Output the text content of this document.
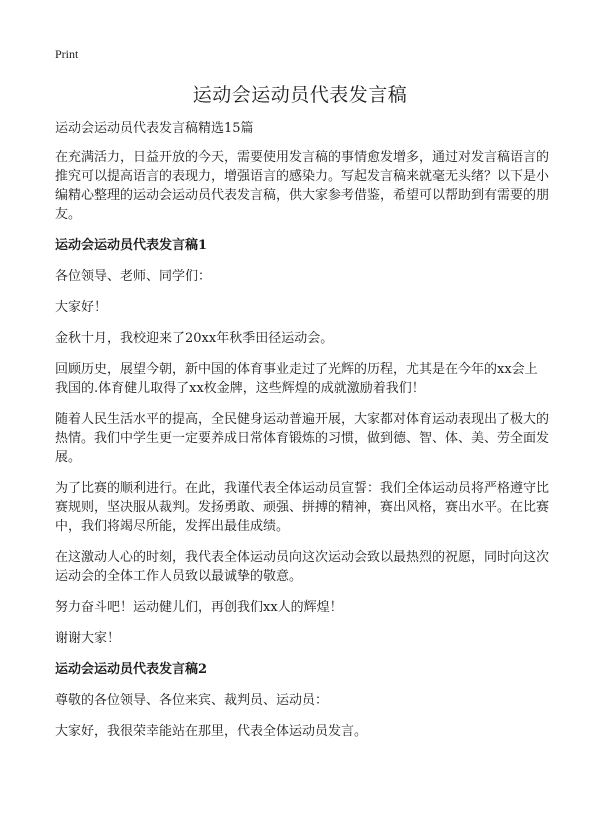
Print
运动会运动员代表发言稿

运动会运动员代表发言稿精选15篇

在充满活力，日益开放的今天，需要使用发言稿的事情愈发增多，通过对发言稿语言的推究可以提高语言的表现力，增强语言的感染力。写起发言稿来就毫无头绪？以下是小编精心整理的运动会运动员代表发言稿，供大家参考借鉴，希望可以帮助到有需要的朋友。

运动会运动员代表发言稿1

各位领导、老师、同学们：

大家好！

金秋十月，我校迎来了20xx年秋季田径运动会。

回顾历史，展望今朝，新中国的体育事业走过了光辉的历程，尤其是在今年的xx会上我国的.体育健儿取得了xx枚金牌，这些辉煌的成就激励着我们！

随着人民生活水平的提高，全民健身运动普遍开展，大家都对体育运动表现出了极大的热情。我们中学生更一定要养成日常体育锻炼的习惯，做到德、智、体、美、劳全面发展。

为了比赛的顺利进行。在此，我谨代表全体运动员宣誓：我们全体运动员将严格遵守比赛规则，坚决服从裁判。发扬勇敢、顽强、拼搏的精神，赛出风格，赛出水平。在比赛中，我们将竭尽所能，发挥出最佳成绩。

在这激动人心的时刻，我代表全体运动员向这次运动会致以最热烈的祝愿，同时向这次运动会的全体工作人员致以最诚挚的敬意。

努力奋斗吧！运动健儿们，再创我们xx人的辉煌！

谢谢大家！

运动会运动员代表发言稿2

尊敬的各位领导、各位来宾、裁判员、运动员：

大家好，我很荣幸能站在那里，代表全体运动员发言。
